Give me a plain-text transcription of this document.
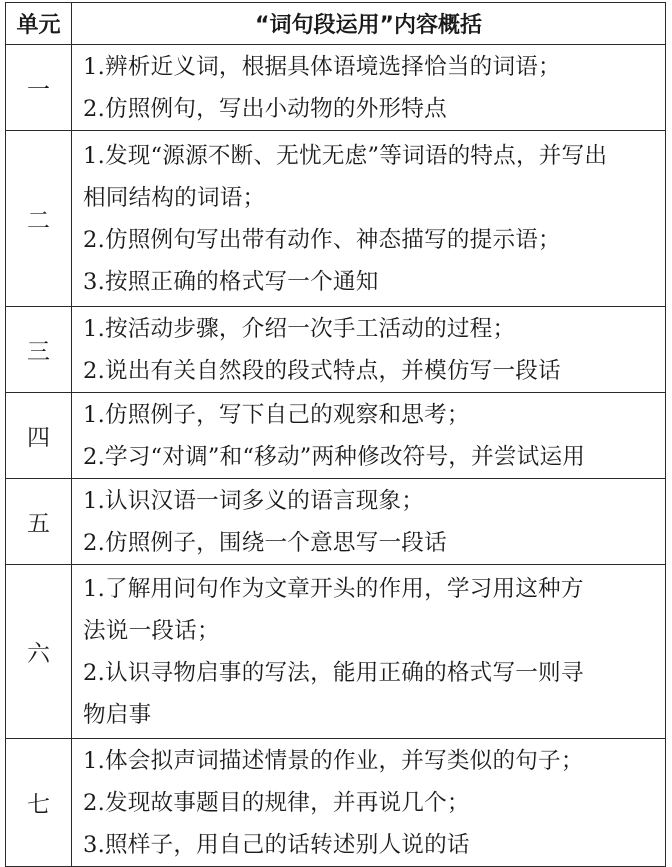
单元	“词句段运用”内容概括
一	1.辨析近义词，根据具体语境选择恰当的词语；
2.仿照例句，写出小动物的外形特点

二	1.发现“源源不断、无忧无虑”等词语的特点，并写出
相同结构的词语；
2.仿照例句写出带有动作、神态描写的提示语；
3.按照正确的格式写一个通知

三	1.按活动步骤，介绍一次手工活动的过程；
2.说出有关自然段的段式特点，并模仿写一段话

四	1.仿照例子，写下自己的观察和思考；
2.学习“对调”和“移动”两种修改符号，并尝试运用

五	1.认识汉语一词多义的语言现象；
2.仿照例子，围绕一个意思写一段话

六	1.了解用问句作为文章开头的作用，学习用这种方
法说一段话；
2.认识寻物启事的写法，能用正确的格式写一则寻
物启事

七	1.体会拟声词描述情景的作业，并写类似的句子；
2.发现故事题目的规律，并再说几个；
3.照样子，用自己的话转述别人说的话
